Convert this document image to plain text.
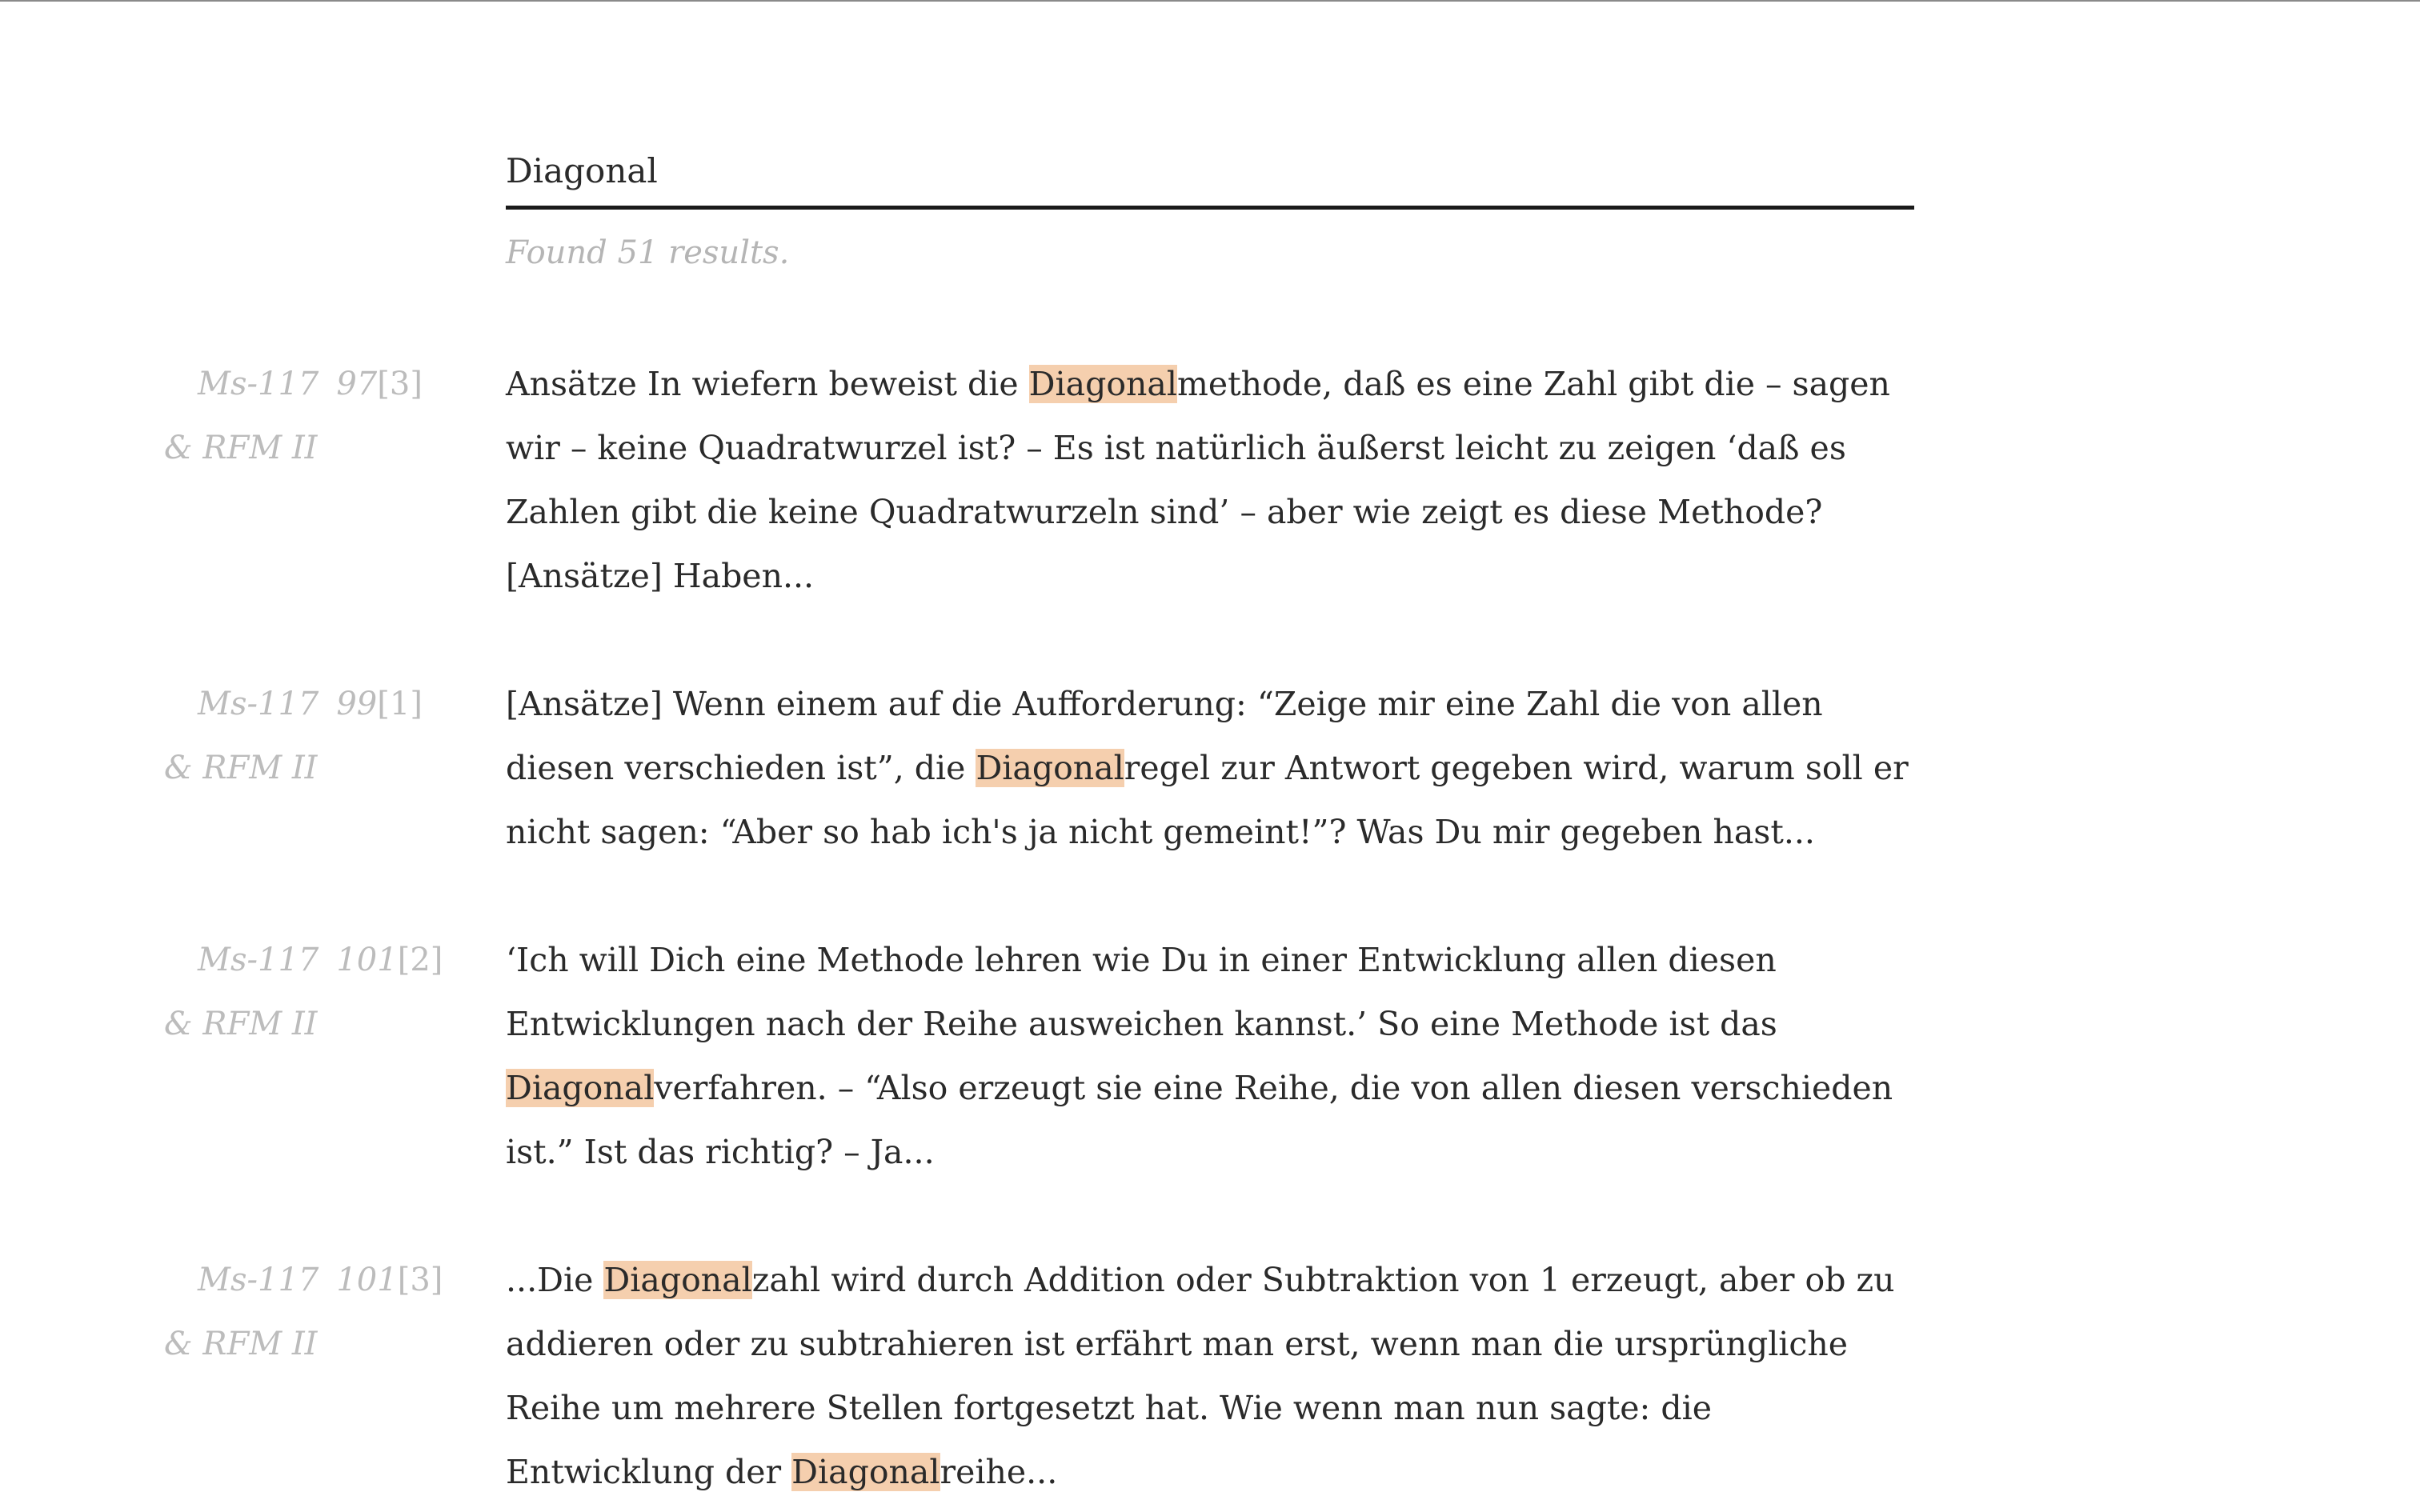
Diagonal
Found 51 results.
Ms-117 97[3]
& RFM II
Ansätze In wiefern beweist die Diagonalmethode, daß es eine Zahl gibt die – sagen wir – keine Quadratwurzel ist? – Es ist natürlich äußerst leicht zu zeigen ‘daß es Zahlen gibt die keine Quadratwurzeln sind’ – aber wie zeigt es diese Methode? [Ansätze] Haben...
Ms-117 99[1]
& RFM II
[Ansätze] Wenn einem auf die Aufforderung: “Zeige mir eine Zahl die von allen diesen verschieden ist”, die Diagonalregel zur Antwort gegeben wird, warum soll er nicht sagen: “Aber so hab ich's ja nicht gemeint!”? Was Du mir gegeben hast...
Ms-117 101[2]
& RFM II
‘Ich will Dich eine Methode lehren wie Du in einer Entwicklung allen diesen Entwicklungen nach der Reihe ausweichen kannst.’ So eine Methode ist das Diagonalverfahren. – “Also erzeugt sie eine Reihe, die von allen diesen verschieden ist.” Ist das richtig? – Ja...
Ms-117 101[3]
& RFM II
...Die Diagonalzahl wird durch Addition oder Subtraktion von 1 erzeugt, aber ob zu addieren oder zu subtrahieren ist erfährt man erst, wenn man die ursprüngliche Reihe um mehrere Stellen fortgesetzt hat. Wie wenn man nun sagte: die Entwicklung der Diagonalreihe...
